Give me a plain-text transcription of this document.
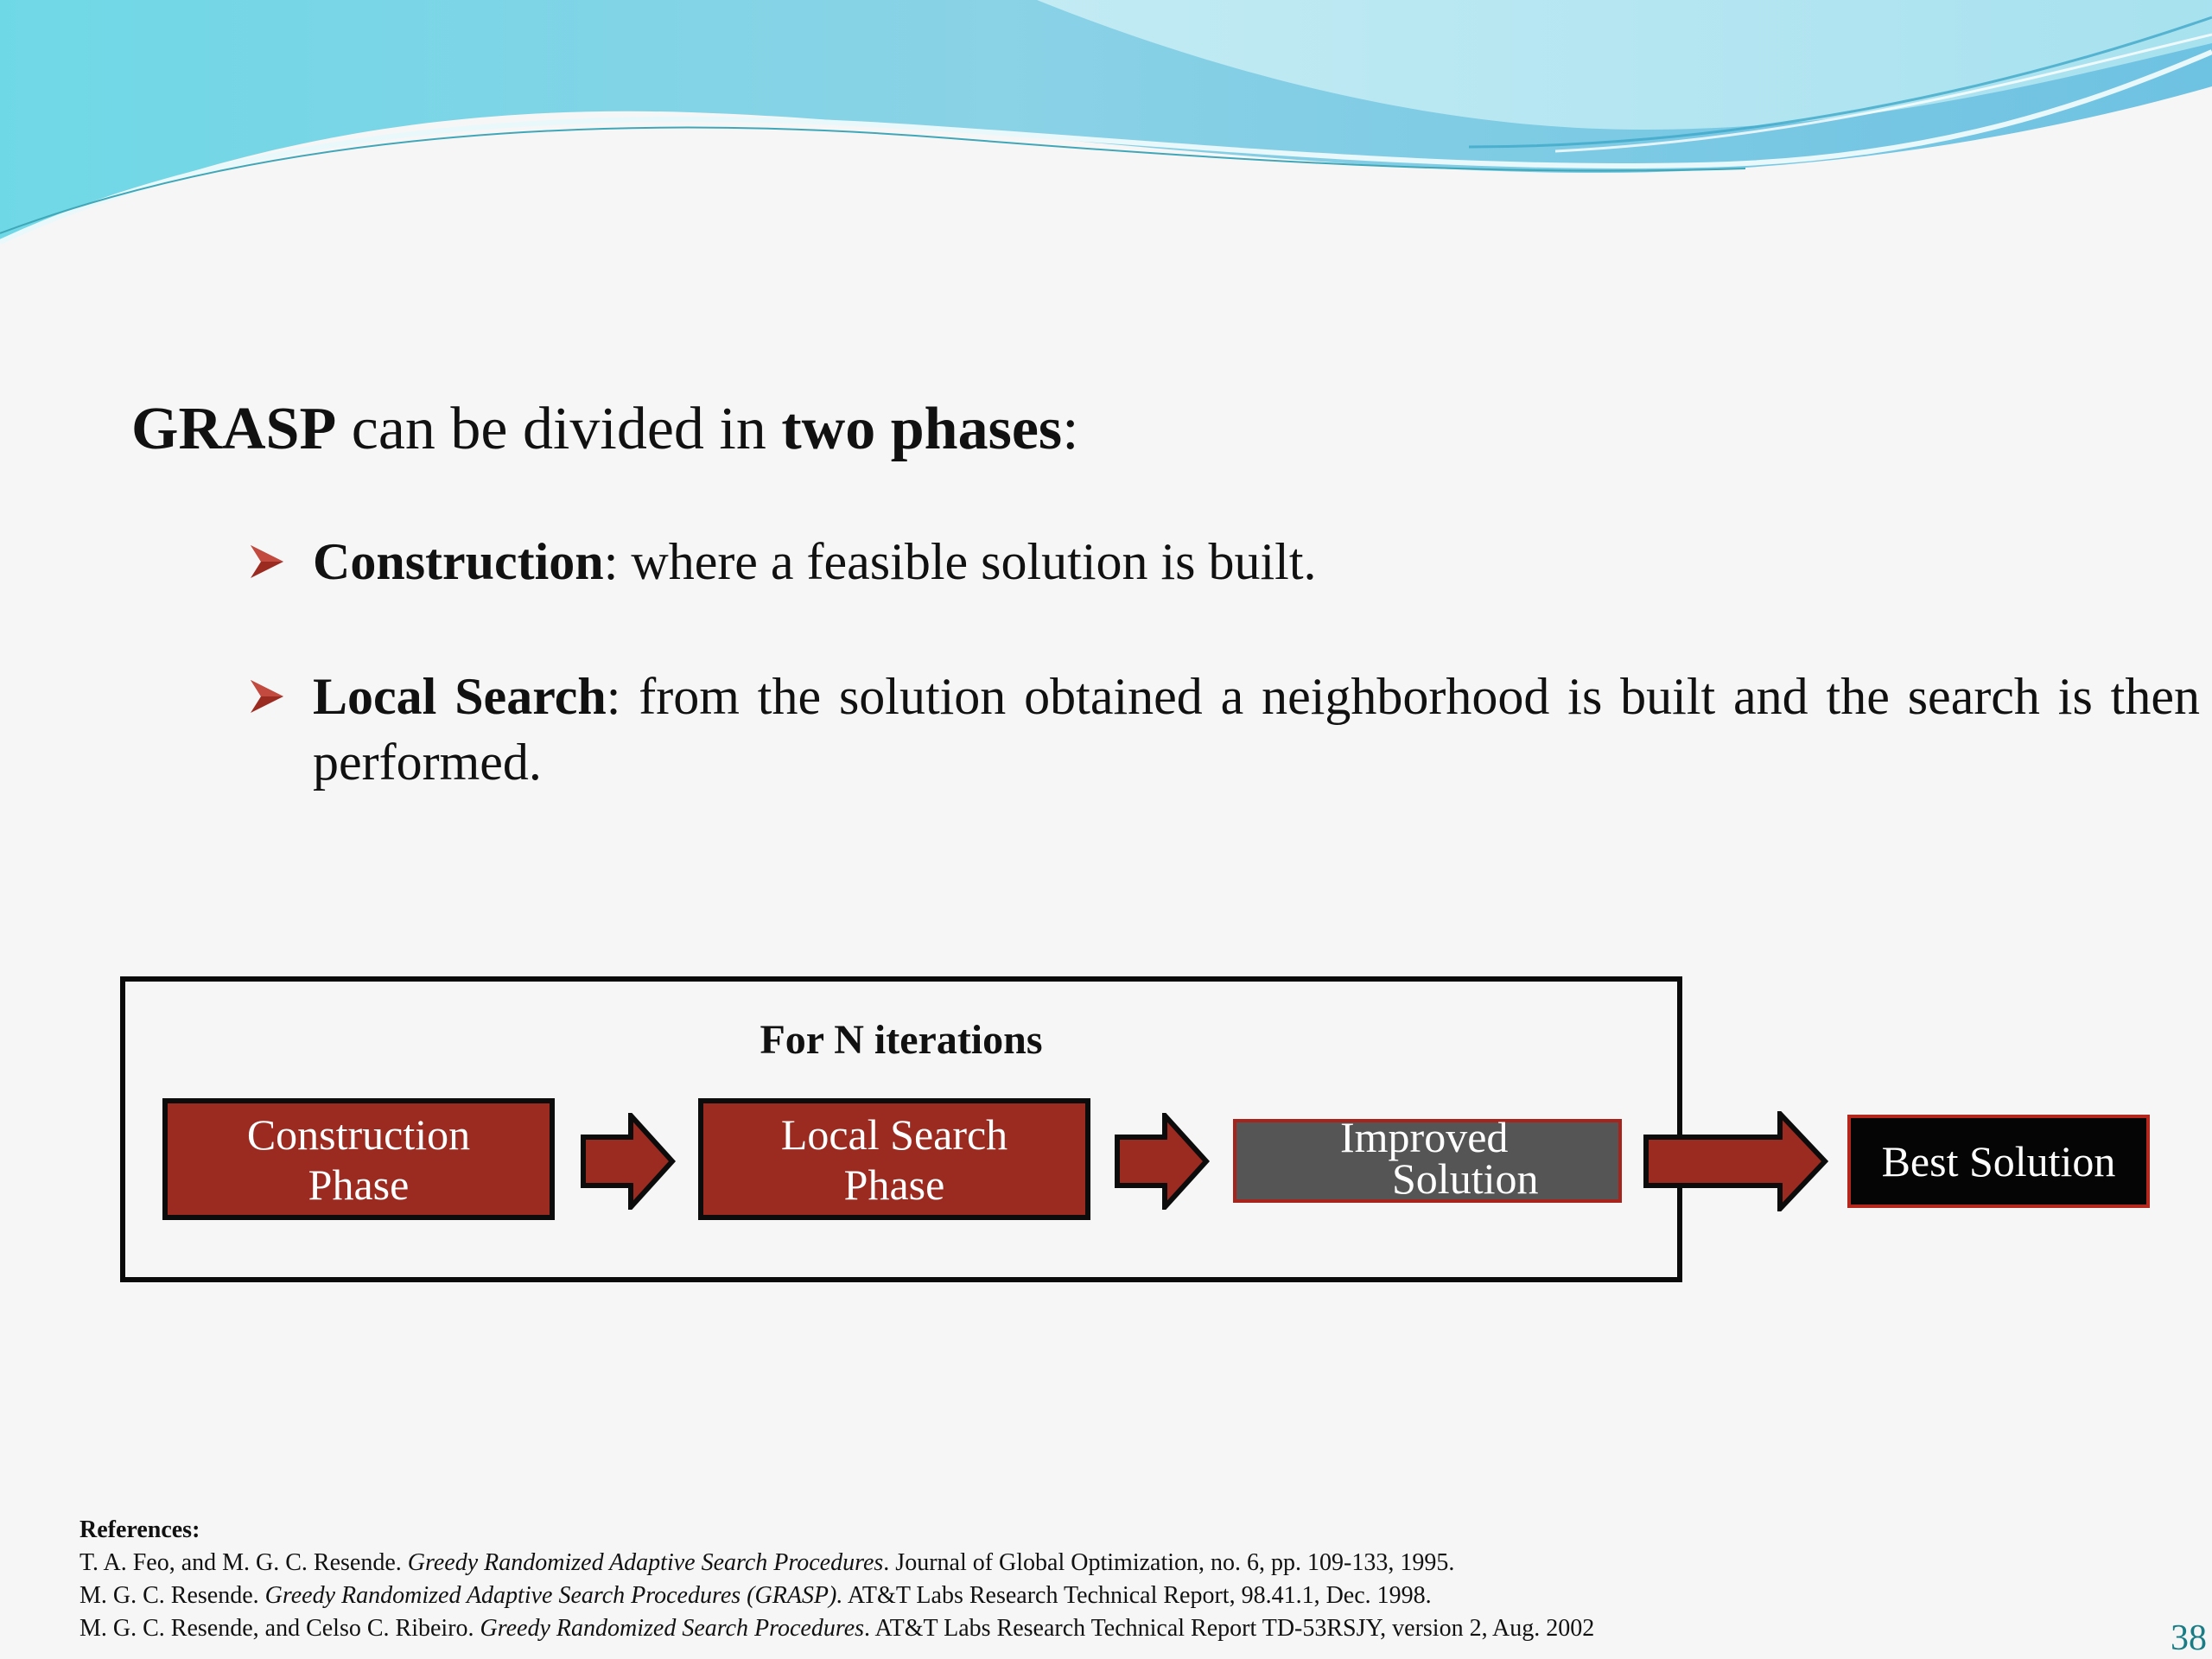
GRASP can be divided in two phases:
Construction: where a feasible solution is built.
Local Search: from the solution obtained a neighborhood is built and the search is then performed.
For N iterations
Construction
Phase
Local Search
Phase
Improved
Solution	Best Solution
References:
T. A. Feo, and M. G. C. Resende. Greedy Randomized Adaptive Search Procedures. Journal of Global Optimization, no. 6, pp. 109-133, 1995.
M. G. C. Resende. Greedy Randomized Adaptive Search Procedures (GRASP). AT&T Labs Research Technical Report, 98.41.1, Dec. 1998.
M. G. C. Resende, and Celso C. Ribeiro. Greedy Randomized Search Procedures. AT&T Labs Research Technical Report TD-53RSJY, version 2, Aug. 2002	38
